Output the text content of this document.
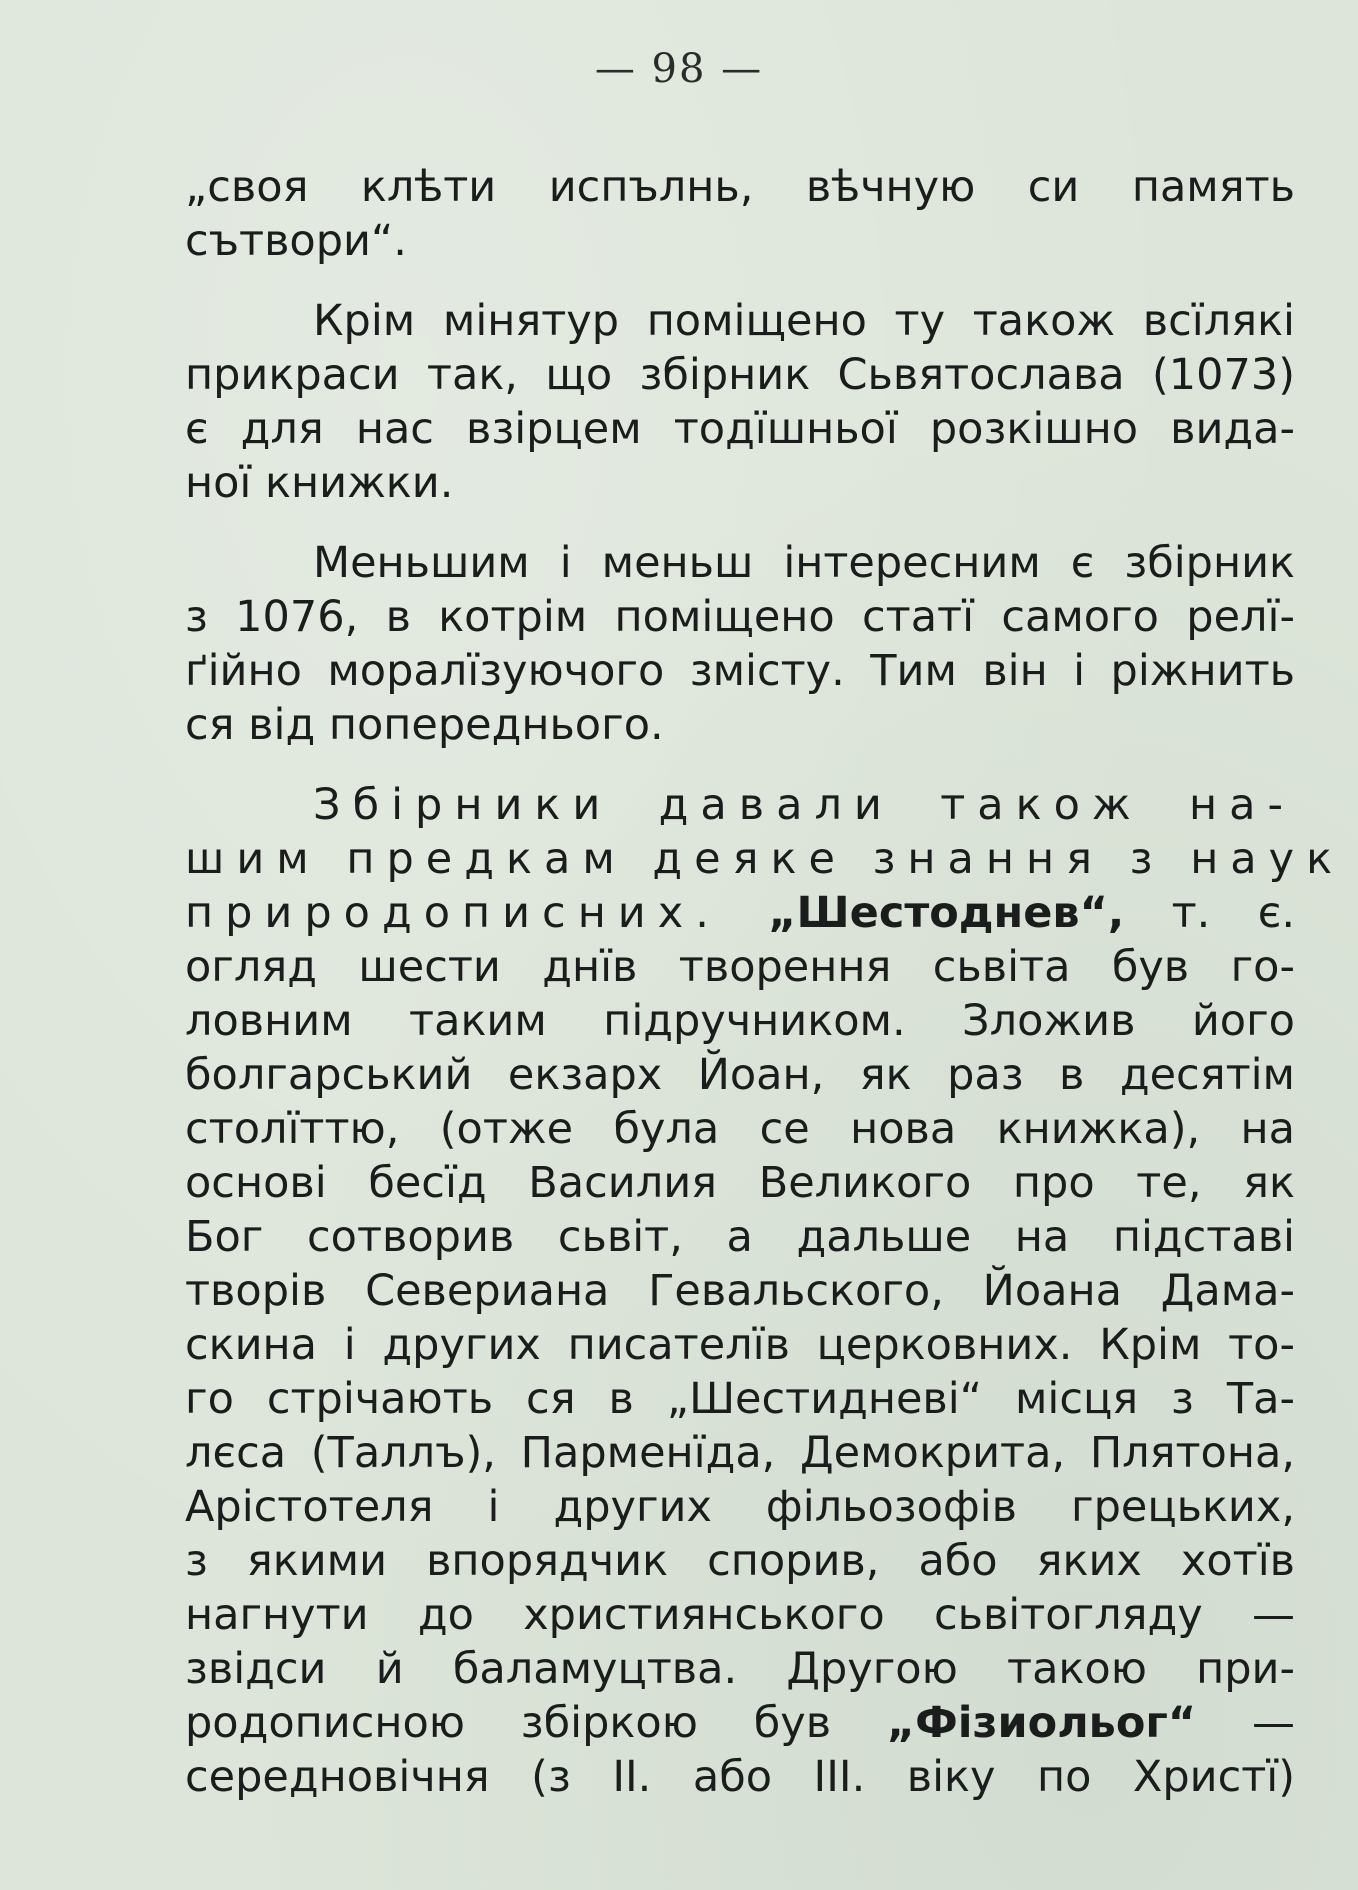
— 98 —
„своя клѣти испълнь, вѣчную си память
сътвори“.
Крім мінятур поміщено ту також всїлякі
прикраси так, що збірник Сьвятослава (1073)
є для нас взірцем тодїшньої розкішно вида-
ної книжки.
Меньшим і меньш інтересним є збірник
з 1076, в котрім поміщено статї самого релї-
ґійно моралїзуючого змісту. Тим він і ріжнить
ся від попереднього.
Збірники давали також на-
шим предкам деяке знання з наук
природописних. „Шестоднев“, т. є.
огляд шести днїв творення сьвіта був го-
ловним таким підручником. Зложив його
болгарський екзарх Йоан, як раз в десятім
столїттю, (отже була се нова книжка), на
основі бесїд Василия Великого про те, як
Бог сотворив сьвіт, а дальше на підставі
творів Севериана Гевальского, Йоана Дама-
скина і других писателїв церковних. Крім то-
го стрічають ся в „Шестидневі“ місця з Та-
лєса (Таллъ), Парменїда, Демокрита, Плятона,
Арістотеля і других фільозофів грецьких,
з якими впорядчик спорив, або яких хотїв
нагнути до християнського сьвітогляду —
звідси й баламуцтва. Другою такою при-
родописною збіркою був „Фізиольог“ —
середновічня (з II. або III. віку по Христї)
